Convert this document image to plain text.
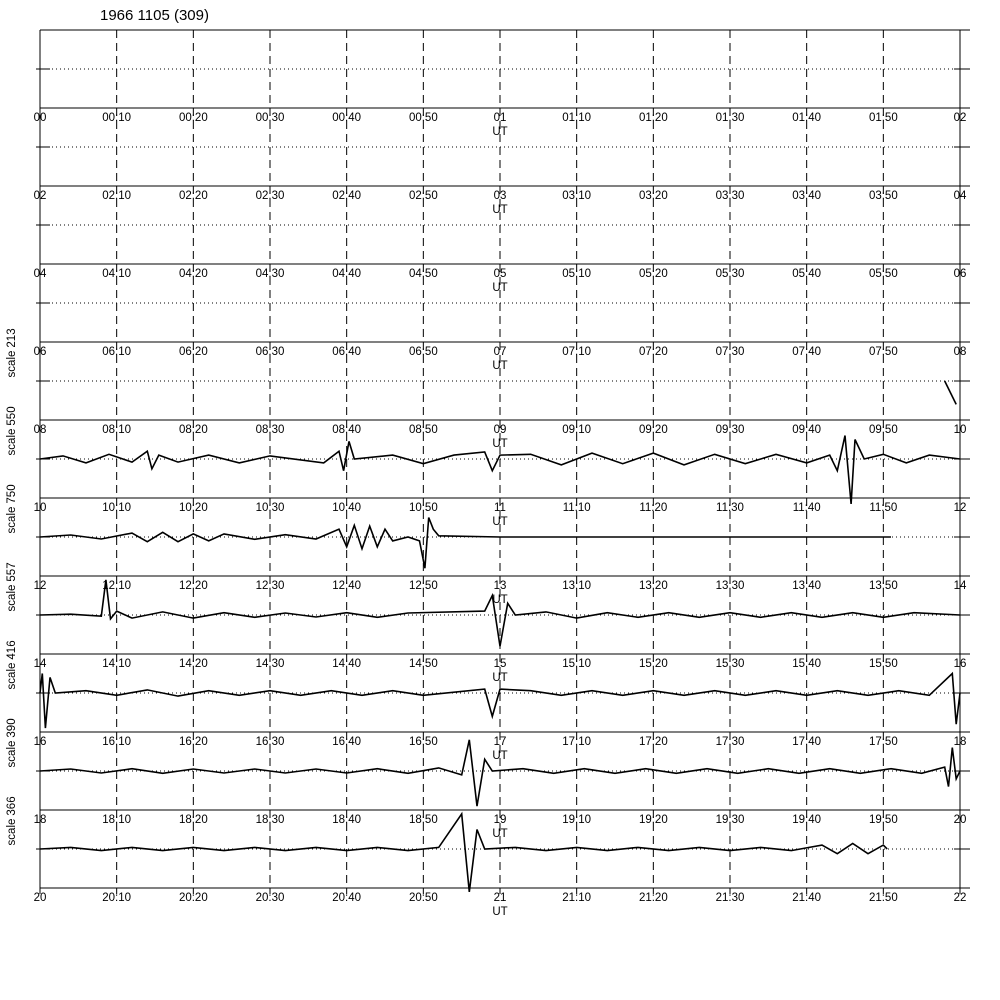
1966 1105 (309)
00	00:10	00:20	00:30	00:40	00:50	01	01:10	01:20	01:30	01:40	01:50	02
UT
02	02:10	02:20	02:30	02:40	02:50	03	03:10	03:20	03:30	03:40	03:50	04
UT
04	04:10	04:20	04:30	04:40	04:50	05	05:10	05:20	05:30	05:40	05:50	06
UT
06	06:10	06:20	06:30	06:40	06:50	07	07:10	07:20	07:30	07:40	07:50	08
UT
08	08:10	08:20	08:30	08:40	08:50	09	09:10	09:20	09:30	09:40	09:50	10
UT
scale
213
10	10:10	10:20	10:30	10:40	10:50	11	11:10	11:20	11:30	11:40	11:50	12
UT
scale
550
12	12:10	12:20	12:30	12:40	12:50	13	13:10	13:20	13:30	13:40	13:50	14
UT
scale
750
14	14:10	14:20	14:30	14:40	14:50	15	15:10	15:20	15:30	15:40	15:50	16
UT
scale
557
16	16:10	16:20	16:30	16:40	16:50	17	17:10	17:20	17:30	17:40	17:50	18
UT
scale
416
18	18:10	18:20	18:30	18:40	18:50	19	19:10	19:20	19:30	19:40	19:50	20
UT
scale
390
20	20:10	20:20	20:30	20:40	20:50	21	21:10	21:20	21:30	21:40	21:50	22
UT
scale
366
